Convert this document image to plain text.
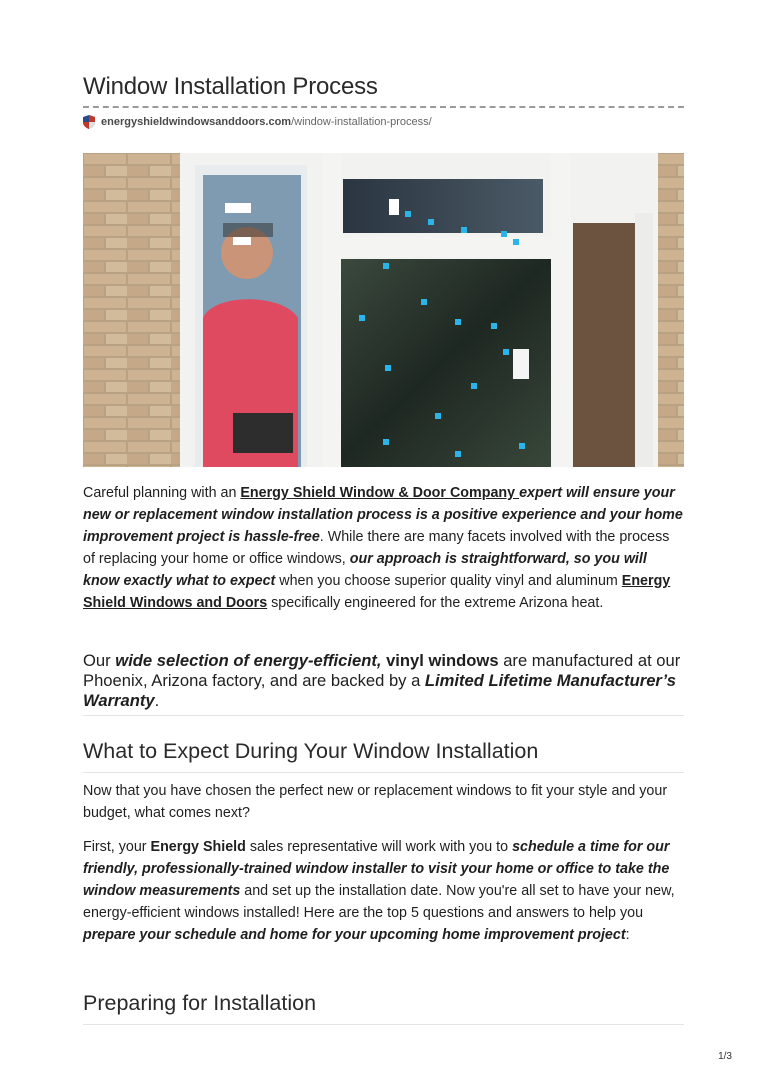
Window Installation Process
energyshieldwindowsanddoors.com /window-installation-process/

Careful planning with an Energy Shield Window & Door Company expert will ensure your new or replacement window installation process is a positive experience and your home improvement project is hassle-free. While there are many facets involved with the process of replacing your home or office windows, our approach is straightforward, so you will know exactly what to expect when you choose superior quality vinyl and aluminum Energy Shield Windows and Doors specifically engineered for the extreme Arizona heat.

Our wide selection of energy-efficient, vinyl windows are manufactured at our Phoenix, Arizona factory, and are backed by a Limited Lifetime Manufacturer’s Warranty.

What to Expect During Your Window Installation

Now that you have chosen the perfect new or replacement windows to fit your style and your budget, what comes next?

First, your Energy Shield sales representative will work with you to schedule a time for our friendly, professionally-trained window installer to visit your home or office to take the window measurements and set up the installation date. Now you're all set to have your new, energy-efficient windows installed! Here are the top 5 questions and answers to help you prepare your schedule and home for your upcoming home improvement project:

Preparing for Installation
1/3
